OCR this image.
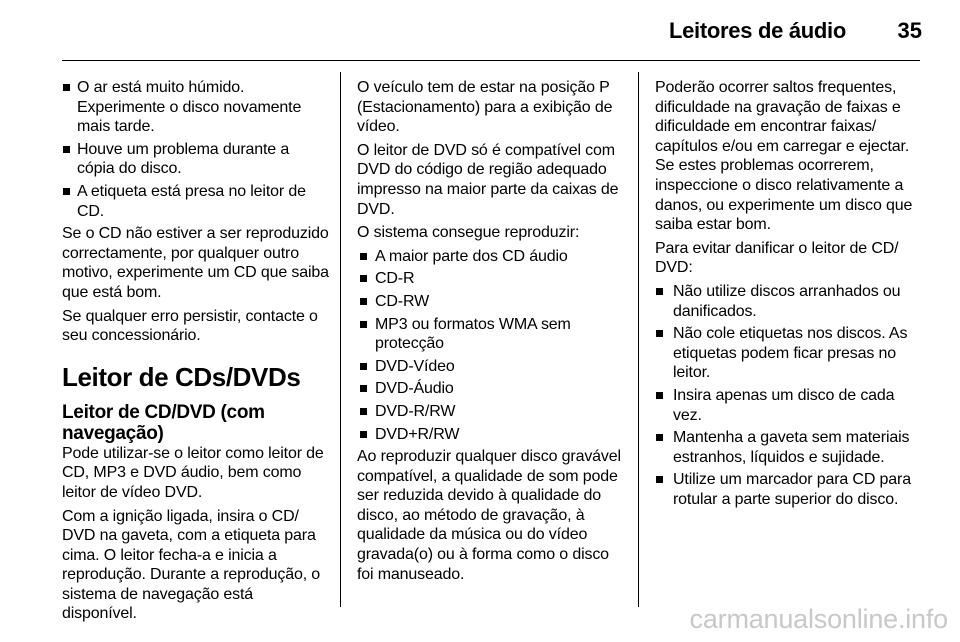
Leitores de áudio	35
O ar está muito húmido. Experimente o disco novamente mais tarde.
Houve um problema durante a cópia do disco.
A etiqueta está presa no leitor de CD.

Se o CD não estiver a ser reproduzido correctamente, por qualquer outro motivo, experimente um CD que saiba que está bom.

Se qualquer erro persistir, contacte o seu concessionário.

Leitor de CDs/DVDs
Leitor de CD/DVD (com navegação)

Pode utilizar-se o leitor como leitor de CD, MP3 e DVD áudio, bem como leitor de vídeo DVD.

Com a ignição ligada, insira o CD/ DVD na gaveta, com a etiqueta para cima. O leitor fecha-a e inicia a reprodução. Durante a reprodução, o sistema de navegação está disponível.

O veículo tem de estar na posição P (Estacionamento) para a exibição de vídeo.

O leitor de DVD só é compatível com DVD do código de região adequado impresso na maior parte da caixas de DVD.

O sistema consegue reproduzir:

A maior parte dos CD áudio
CD-R
CD-RW
MP3 ou formatos WMA sem protecção
DVD-Vídeo
DVD-Áudio
DVD-R/RW
DVD+R/RW

Ao reproduzir qualquer disco gravável compatível, a qualidade de som pode ser reduzida devido à qualidade do disco, ao método de gravação, à qualidade da música ou do vídeo gravada(o) ou à forma como o disco foi manuseado.

Poderão ocorrer saltos frequentes, dificuldade na gravação de faixas e dificuldade em encontrar faixas/ capítulos e/ou em carregar e ejectar. Se estes problemas ocorrerem, inspeccione o disco relativamente a danos, ou experimente um disco que saiba estar bom.

Para evitar danificar o leitor de CD/ DVD:

Não utilize discos arranhados ou danificados.
Não cole etiquetas nos discos. As etiquetas podem ficar presas no leitor.
Insira apenas um disco de cada vez.
Mantenha a gaveta sem materiais estranhos, líquidos e sujidade.
Utilize um marcador para CD para rotular a parte superior do disco.
carmanualsonline.info
